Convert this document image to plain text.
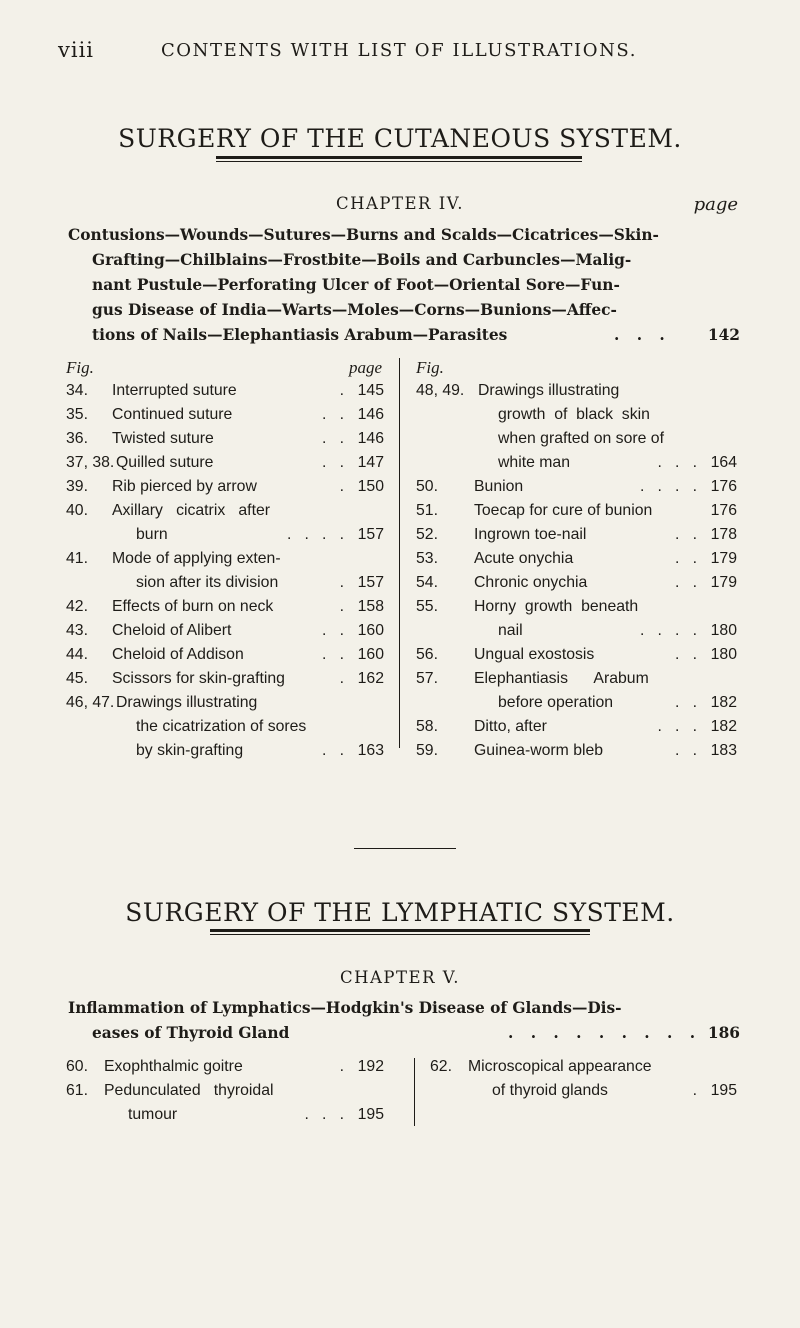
viii	CONTENTS WITH LIST OF ILLUSTRATIONS.
SURGERY OF THE CUTANEOUS SYSTEM.
CHAPTER IV.	page
Contusions—Wounds—Sutures—Burns and Scalds—Cicatrices—Skin-
Grafting—Chilblains—Frostbite—Boils and Carbuncles—Malig-
nant Pustule—Perforating Ulcer of Foot—Oriental Sore—Fun-
gus Disease of India—Warts—Moles—Corns—Bunions—Affec-
tions of Nails—Elephantiasis Arabum—Parasites	. . . 142
Fig.	page
34. Interrupted suture	. 145
35. Continued suture	.   . 146
36. Twisted suture	.   . 146
37, 38. Quilled suture	.   . 147
39. Rib pierced by arrow	. 150
40. Axillary   cicatrix   after
burn	.   .   .   . 157
41. Mode of applying exten-
sion after its division	. 157
42. Effects of burn on neck	. 158
43. Cheloid of Alibert	.   . 160
44. Cheloid of Addison	.   . 160
45. Scissors for skin-grafting	. 162
46, 47. Drawings illustrating
the cicatrization of sores
by skin-grafting	.   . 163
Fig.
48, 49. Drawings illustrating
growth  of  black  skin
when grafted on sore of
white man	.   .   . 164
50. Bunion	.   .   .   . 176
51. Toecap for cure of bunion	176
52. Ingrown toe-nail	.   . 178
53. Acute onychia	.   . 179
54. Chronic onychia	.   . 179
55. Horny  growth  beneath
nail	.   .   .   . 180
56. Ungual exostosis	.   . 180
57. Elephantiasis      Arabum
before operation	.   . 182
58. Ditto, after	.   .   . 182
59. Guinea-worm bleb	.   . 183
SURGERY OF THE LYMPHATIC SYSTEM.
CHAPTER V.
Inflammation of Lymphatics—Hodgkin's Disease of Glands—Dis-
eases of Thyroid Gland	. . . . . . . . . 186
60. Exophthalmic goitre	. 192
61. Pedunculated   thyroidal
tumour	.   .   . 195
62. Microscopical appearance
of thyroid glands	. 195
